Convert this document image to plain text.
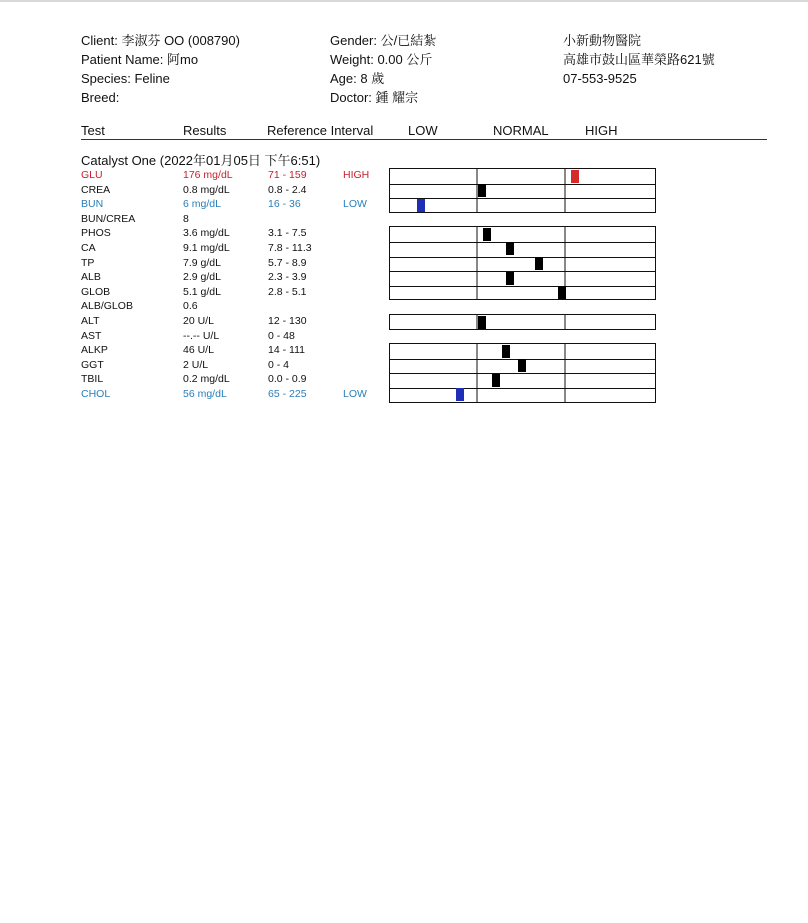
Client: 李淑芬 OO (008790)
Patient Name: 阿mo
Species: Feline
Breed:
Gender: 公/已結紮
Weight: 0.00 公斤
Age: 8 歲
Doctor: 鍾 耀宗
小新動物醫院
高雄市鼓山區華榮路621號
07-553-9525
Test	Results	Reference Interval	LOW	NORMAL	HIGH
Catalyst One (2022年01月05日 下午6:51)
GLU	176 mg/dL	71 - 159	HIGH
CREA	0.8 mg/dL	0.8 - 2.4
BUN	6 mg/dL	16 - 36	LOW
BUN/CREA	8
PHOS	3.6 mg/dL	3.1 - 7.5
CA	9.1 mg/dL	7.8 - 11.3
TP	7.9 g/dL	5.7 - 8.9
ALB	2.9 g/dL	2.3 - 3.9
GLOB	5.1 g/dL	2.8 - 5.1
ALB/GLOB	0.6
ALT	20 U/L	12 - 130
AST	--.-- U/L	0 - 48
ALKP	46 U/L	14 - 111
GGT	2 U/L	0 - 4
TBIL	0.2 mg/dL	0.0 - 0.9
CHOL	56 mg/dL	65 - 225	LOW
